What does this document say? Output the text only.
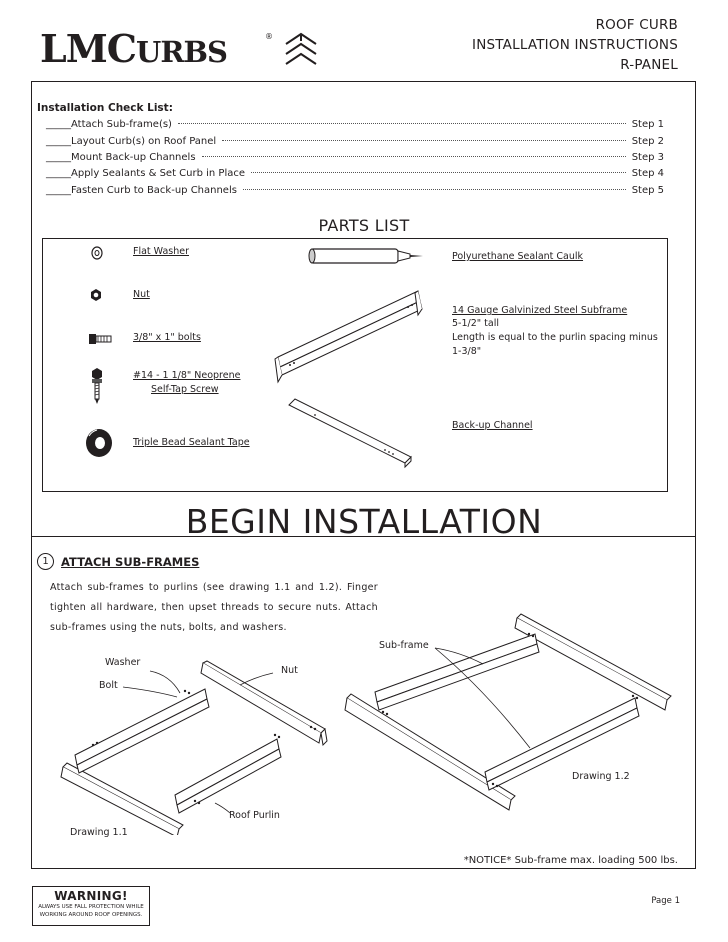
LMCURBS	®
ROOF CURB
INSTALLATION INSTRUCTIONS
R-PANEL
Installation Check List:
_____Attach Sub-frame(s)	Step 1
_____Layout Curb(s) on Roof Panel	Step 2
_____Mount Back-up Channels	Step 3
_____Apply Sealants & Set Curb in Place	Step 4
_____Fasten Curb to Back-up Channels	Step 5
PARTS LIST
Flat Washer
Nut
3/8" x 1" bolts
#14 - 1 1/8" Neoprene
Self-Tap Screw
Triple Bead Sealant Tape
Polyurethane Sealant Caulk
14 Gauge Galvinized Steel Subframe
5-1/2" tall
Length is equal to the purlin spacing minus
1-3/8"
Back-up Channel
BEGIN INSTALLATION
1	ATTACH SUB-FRAMES
Attach sub-frames to purlins (see drawing 1.1 and 1.2). Finger tighten all hardware, then upset threads to secure nuts. Attach sub-frames using the nuts, bolts, and washers.
Washer
Bolt
Nut
Roof Purlin
Drawing 1.1
Sub-frame
Drawing 1.2
*NOTICE* Sub-frame max. loading 500 lbs.
WARNING!
ALWAYS USE FALL PROTECTION WHILE
WORKING AROUND ROOF OPENINGS.
Page 1
